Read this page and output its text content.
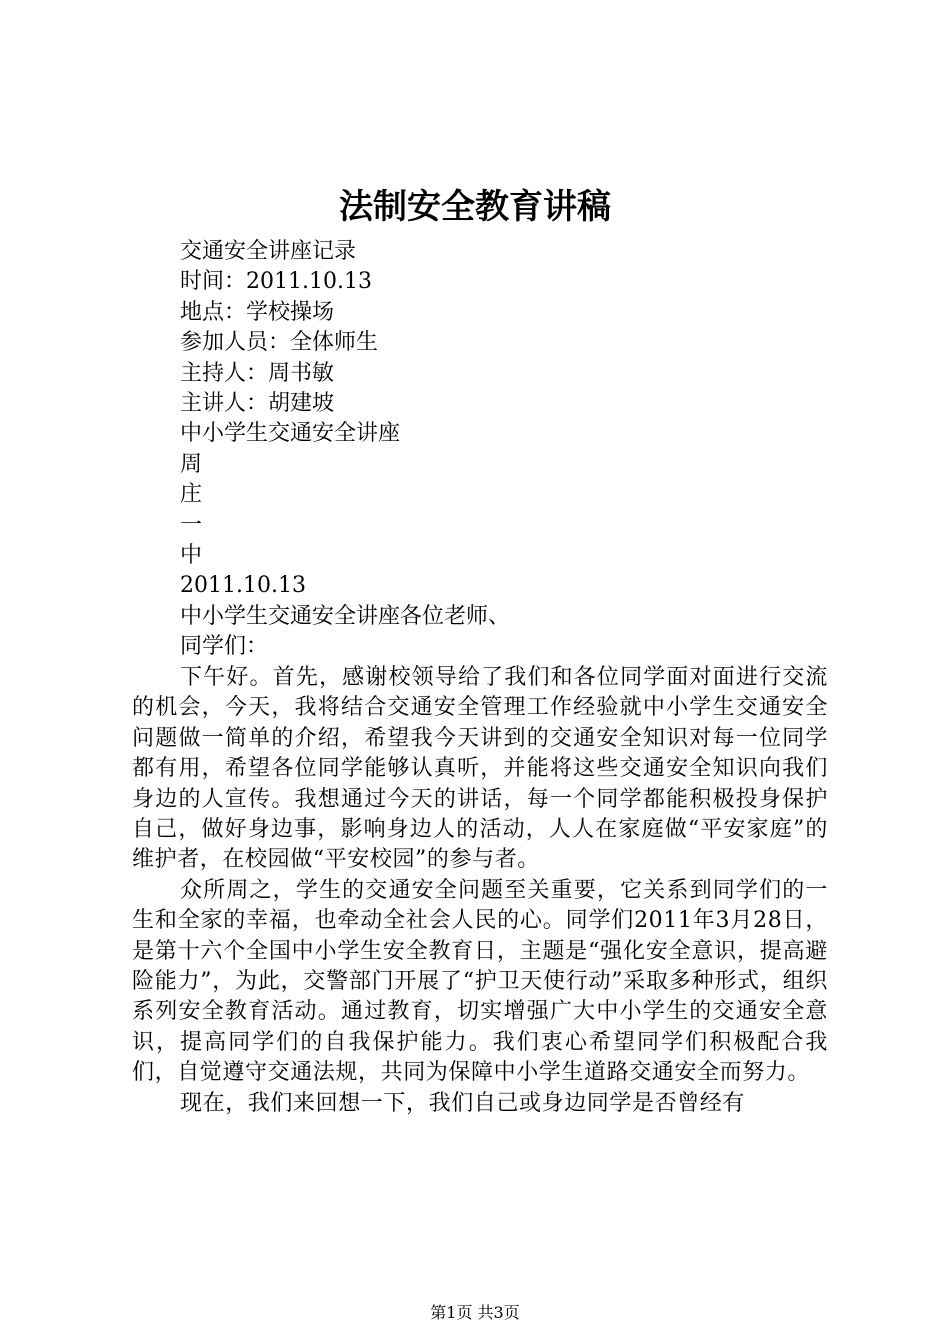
法制安全教育讲稿
交通安全讲座记录
时间：2011.10.13
地点：学校操场
参加人员：全体师生
主持人：周书敏
主讲人：胡建坡
中小学生交通安全讲座
周
庄
一
中
2011.10.13
中小学生交通安全讲座各位老师、
同学们：

下午好。首先，感谢校领导给了我们和各位同学面对面进行交流的机会，今天，我将结合交通安全管理工作经验就中小学生交通安全问题做一简单的介绍，希望我今天讲到的交通安全知识对每一位同学都有用，希望各位同学能够认真听，并能将这些交通安全知识向我们身边的人宣传。我想通过今天的讲话，每一个同学都能积极投身保护自己，做好身边事，影响身边人的活动，人人在家庭做“平安家庭”的维护者，在校园做“平安校园”的参与者。

众所周之，学生的交通安全问题至关重要，它关系到同学们的一生和全家的幸福，也牵动全社会人民的心。同学们2011年3月28日，是第十六个全国中小学生安全教育日，主题是“强化安全意识，提高避险能力”，为此，交警部门开展了“护卫天使行动”采取多种形式，组织系列安全教育活动。通过教育，切实增强广大中小学生的交通安全意识，提高同学们的自我保护能力。我们衷心希望同学们积极配合我们，自觉遵守交通法规，共同为保障中小学生道路交通安全而努力。

现在，我们来回想一下，我们自己或身边同学是否曾经有

第1页 共3页
